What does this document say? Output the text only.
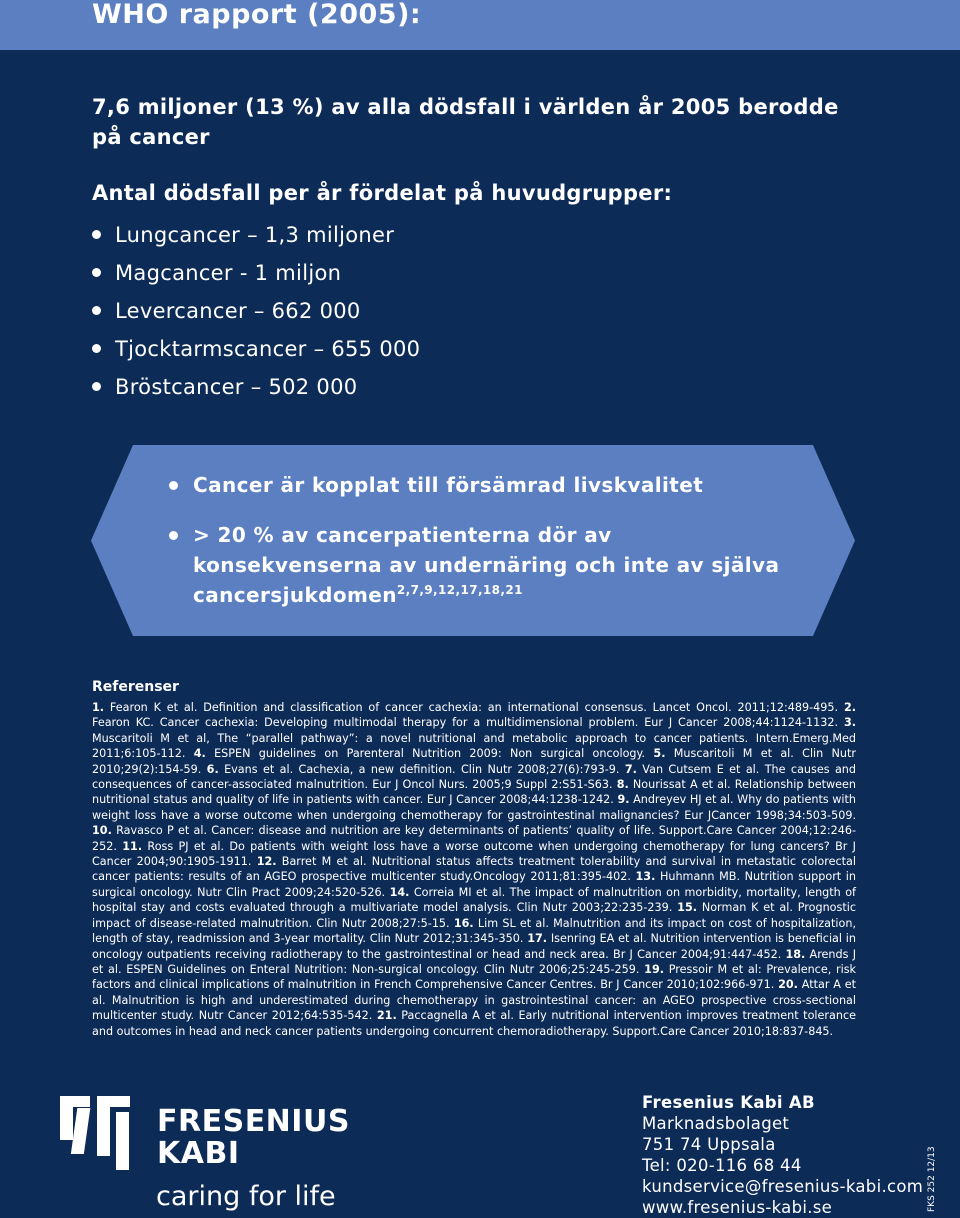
WHO rapport (2005):
7,6 miljoner (13 %) av alla dödsfall i världen år 2005 berodde på cancer
Antal dödsfall per år fördelat på huvudgrupper:
Lungcancer – 1,3 miljoner
Magcancer - 1 miljon
Levercancer – 662 000
Tjocktarmscancer – 655 000
Bröstcancer – 502 000
Cancer är kopplat till försämrad livskvalitet
> 20 % av cancerpatienterna dör av
konsekvenserna av undernäring och inte av själva
cancersjukdomen$^{2,7,9,12,17,18,21}$
Referenser
1. Fearon K et al. Definition and classification of cancer cachexia: an international consensus. Lancet Oncol. 2011;12:489-495. 2. Fearon KC. Cancer cachexia: Developing multimodal therapy for a multidimensional problem. Eur J Cancer 2008;44:1124-1132. 3. Muscaritoli M et al, The “parallel pathway”: a novel nutritional and metabolic approach to cancer patients. Intern.Emerg.Med 2011;6:105-112. 4. ESPEN guidelines on Parenteral Nutrition 2009: Non surgical oncology. 5. Muscaritoli M et al. Clin Nutr 2010;29(2):154-59. 6. Evans et al. Cachexia, a new definition. Clin Nutr 2008;27(6):793-9. 7. Van Cutsem E et al. The causes and consequences of cancer-associated malnutrition. Eur J Oncol Nurs. 2005;9 Suppl 2:S51-S63. 8. Nourissat A et al. Relationship between nutritional status and quality of life in patients with cancer. Eur J Cancer 2008;44:1238-1242. 9. Andreyev HJ et al. Why do patients with weight loss have a worse outcome when undergoing chemotherapy for gastrointestinal malignancies? Eur JCancer 1998;34:503-509. 10. Ravasco P et al. Cancer: disease and nutrition are key determinants of patients’ quality of life. Support.Care Cancer 2004;12:246-252. 11. Ross PJ et al. Do patients with weight loss have a worse outcome when undergoing chemotherapy for lung cancers? Br J Cancer 2004;90:1905-1911. 12. Barret M et al. Nutritional status affects treatment tolerability and survival in metastatic colorectal cancer patients: results of an AGEO prospective multicenter study.Oncology 2011;81:395-402. 13. Huhmann MB. Nutrition support in surgical oncology. Nutr Clin Pract 2009;24:520-526. 14. Correia MI et al. The impact of malnutrition on morbidity, mortality, length of hospital stay and costs evaluated through a multivariate model analysis. Clin Nutr 2003;22:235-239. 15. Norman K et al. Prognostic impact of disease-related malnutrition. Clin Nutr 2008;27:5-15. 16. Lim SL et al. Malnutrition and its impact on cost of hospitalization, length of stay, readmission and 3-year mortality. Clin Nutr 2012;31:345-350. 17. Isenring EA et al. Nutrition intervention is beneficial in oncology outpatients receiving radiotherapy to the gastrointestinal or head and neck area. Br J Cancer 2004;91:447-452. 18. Arends J et al. ESPEN Guidelines on Enteral Nutrition: Non-surgical oncology. Clin Nutr 2006;25:245-259. 19. Pressoir M et al: Prevalence, risk factors and clinical implications of malnutrition in French Comprehensive Cancer Centres. Br J Cancer 2010;102:966-971. 20. Attar A et al. Malnutrition is high and underestimated during chemotherapy in gastrointestinal cancer: an AGEO prospective cross-sectional multicenter study. Nutr Cancer 2012;64:535-542. 21. Paccagnella A et al. Early nutritional intervention improves treatment tolerance and outcomes in head and neck cancer patients undergoing concurrent chemoradiotherapy. Support.Care Cancer 2010;18:837-845.
FRESENIUS
KABI
caring for life
Fresenius Kabi AB
Marknadsbolaget
751 74 Uppsala
Tel: 020-116 68 44
kundservice@fresenius-kabi.com
www.fresenius-kabi.se	FKS 252 12/13
